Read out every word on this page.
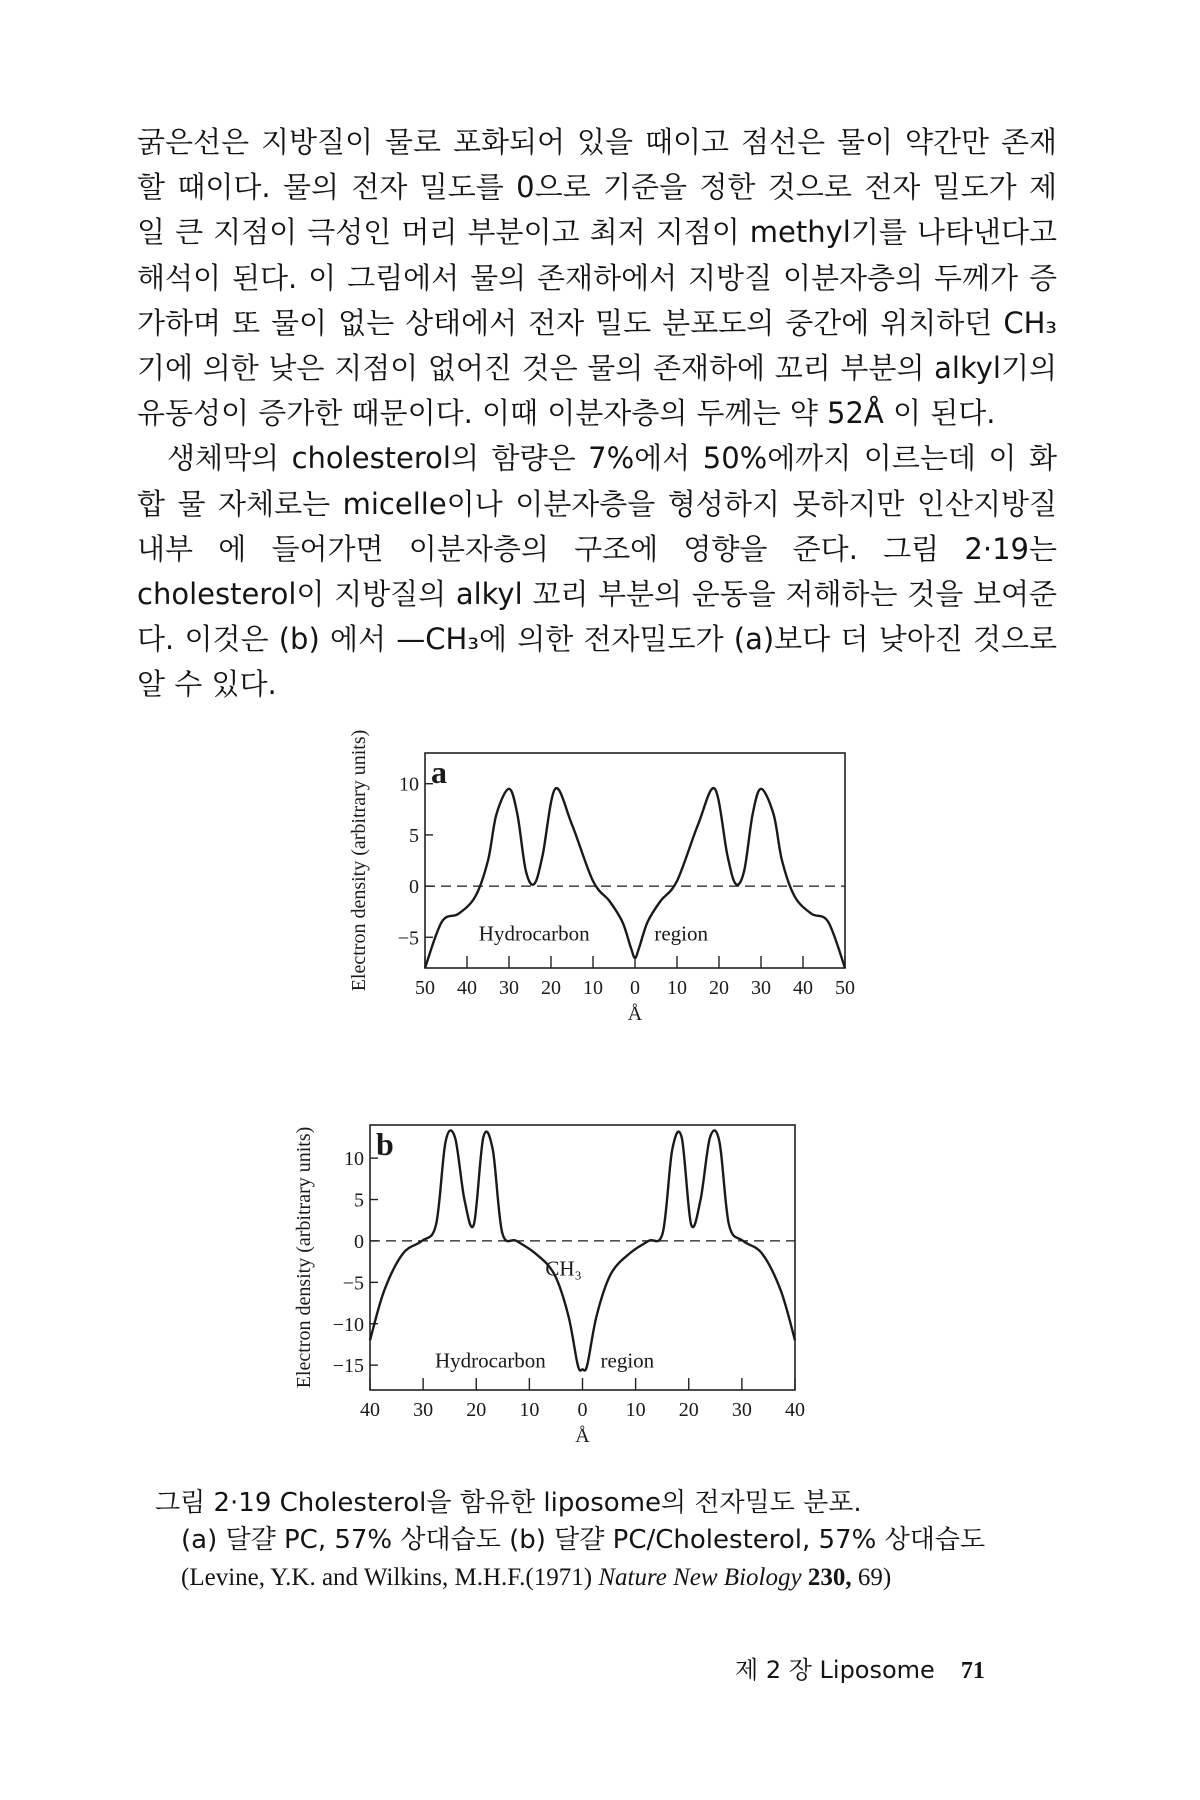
굵은선은 지방질이 물로 포화되어 있을 때이고 점선은 물이 약간만 존재 할 때이다. 물의 전자 밀도를 0으로 기준을 정한 것으로 전자 밀도가 제 일 큰 지점이 극성인 머리 부분이고 최저 지점이 methyl기를 나타낸다고 해석이 된다. 이 그림에서 물의 존재하에서 지방질 이분자층의 두께가 증가하며 또 물이 없는 상태에서 전자 밀도 분포도의 중간에 위치하던 CH₃기에 의한 낮은 지점이 없어진 것은 물의 존재하에 꼬리 부분의 alkyl기의 유동성이 증가한 때문이다. 이때 이분자층의 두께는 약 52Å 이 된다.

생체막의 cholesterol의 함량은 7%에서 50%에까지 이르는데 이 화합 물 자체로는 micelle이나 이분자층을 형성하지 못하지만 인산지방질 내부 에 들어가면 이분자층의 구조에 영향을 준다. 그림 2·19는 cholesterol이 지방질의 alkyl 꼬리 부분의 운동을 저해하는 것을 보여준다. 이것은 (b) 에서 —CH₃에 의한 전자밀도가 (a)보다 더 낮아진 것으로 알 수 있다.

a
10
5
0
−5
Electron density (arbitrary units) 50 40 30 20 10 0 10 20 30 40 50
Å
Hydrocarbon	region
b
10
5
0
−5
−10
−15
Electron density (arbitrary units)
40 30 20 10 0 10 20 30 40
Å
Hydrocarbon	region
CH₃
그림 2·19 Cholesterol을 함유한 liposome의 전자밀도 분포.
(a) 달걀 PC, 57% 상대습도 (b) 달걀 PC/Cholesterol, 57% 상대습도
(Levine, Y.K. and Wilkins, M.H.F.(1971) Nature New Biology 230, 69)
제 2 장 Liposome 71
